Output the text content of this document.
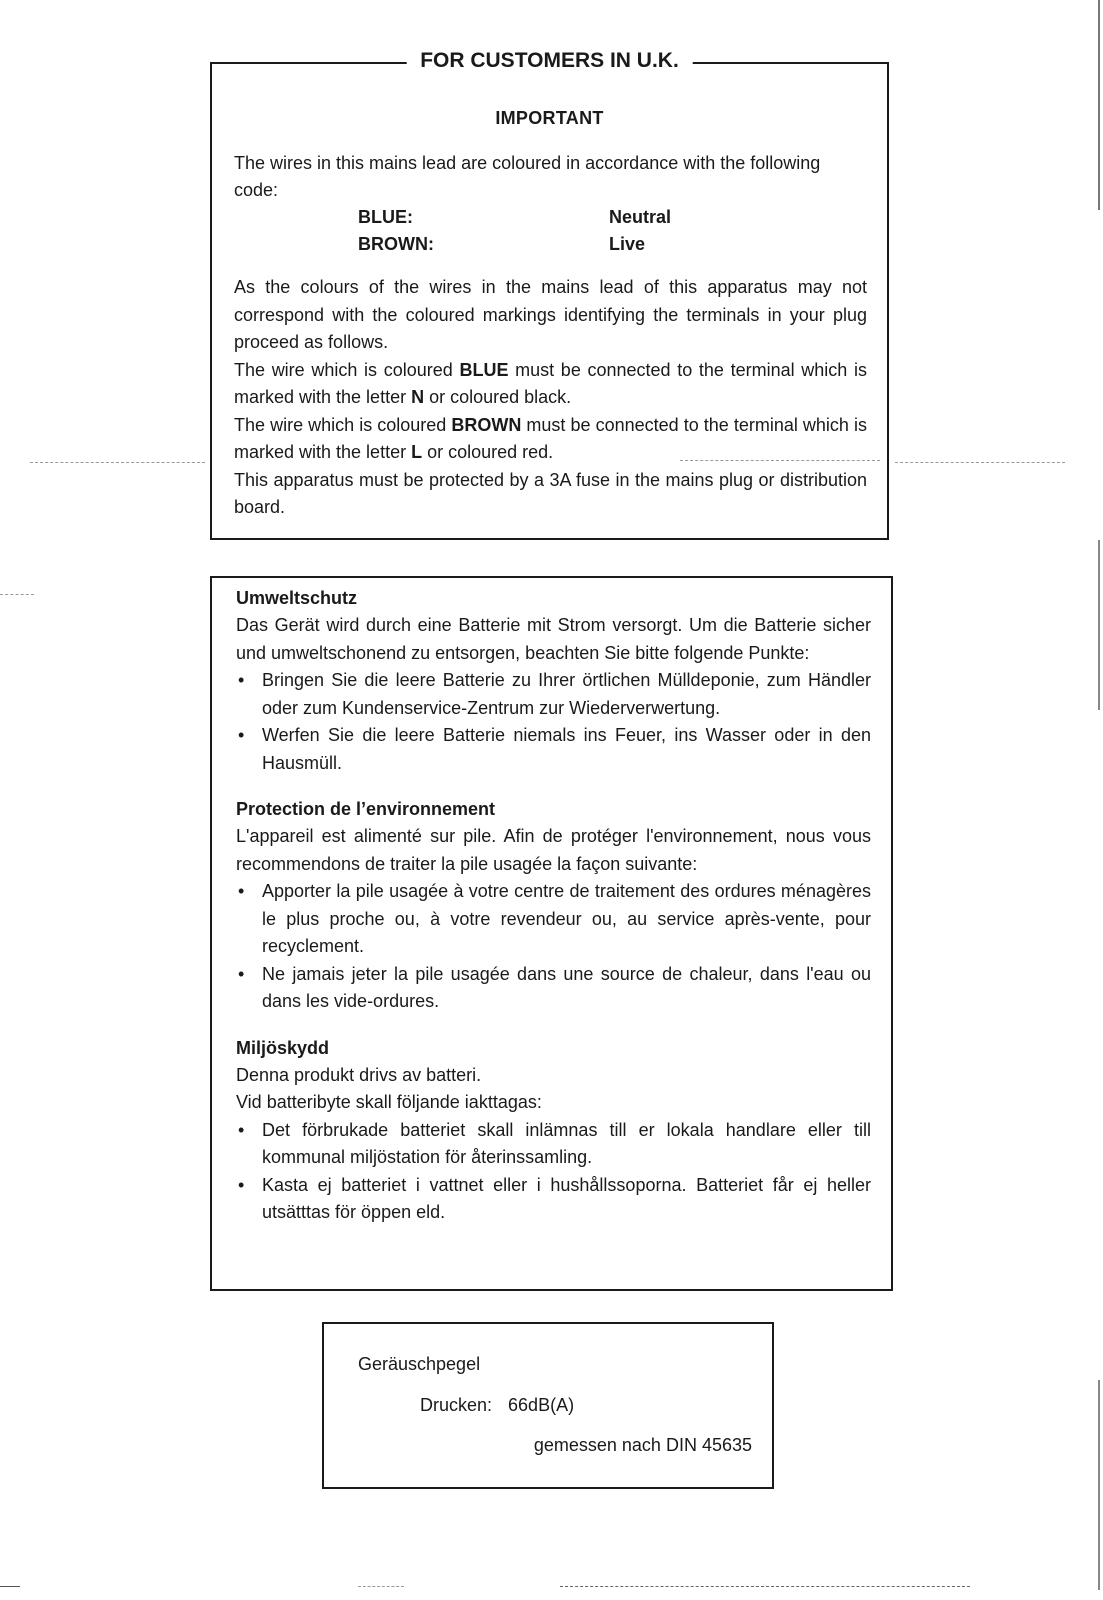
FOR CUSTOMERS IN U.K.
IMPORTANT

The wires in this mains lead are coloured in accordance with the following code:

BLUE:	Neutral
BROWN:	Live

As the colours of the wires in the mains lead of this apparatus may not correspond with the coloured markings identifying the terminals in your plug proceed as follows.

The wire which is coloured BLUE must be connected to the terminal which is marked with the letter N or coloured black.

The wire which is coloured BROWN must be connected to the terminal which is marked with the letter L or coloured red.

This apparatus must be protected by a 3A fuse in the mains plug or distribution board.

Umweltschutz

Das Gerät wird durch eine Batterie mit Strom versorgt. Um die Batterie sicher und umweltschonend zu entsorgen, beachten Sie bitte folgende Punkte:

• Bringen Sie die leere Batterie zu Ihrer örtlichen Mülldeponie, zum Händler oder zum Kundenservice-Zentrum zur Wiederverwertung.
• Werfen Sie die leere Batterie niemals ins Feuer, ins Wasser oder in den Hausmüll.
Protection de l’environnement

L'appareil est alimenté sur pile. Afin de protéger l'environnement, nous vous recommendons de traiter la pile usagée la façon suivante:

• Apporter la pile usagée à votre centre de traitement des ordures ménagères le plus proche ou, à votre revendeur ou, au service après-vente, pour recyclement.
• Ne jamais jeter la pile usagée dans une source de chaleur, dans l'eau ou dans les vide-ordures.
Miljöskydd

Denna produkt drivs av batteri.

Vid batteribyte skall följande iakttagas:

• Det förbrukade batteriet skall inlämnas till er lokala handlare eller till kommunal miljöstation för återinssamling.
• Kasta ej batteriet i vattnet eller i hushållssoporna. Batteriet får ej heller utsätttas för öppen eld.
Geräuschpegel
Drucken: 66dB(A)
gemessen nach DIN 45635
